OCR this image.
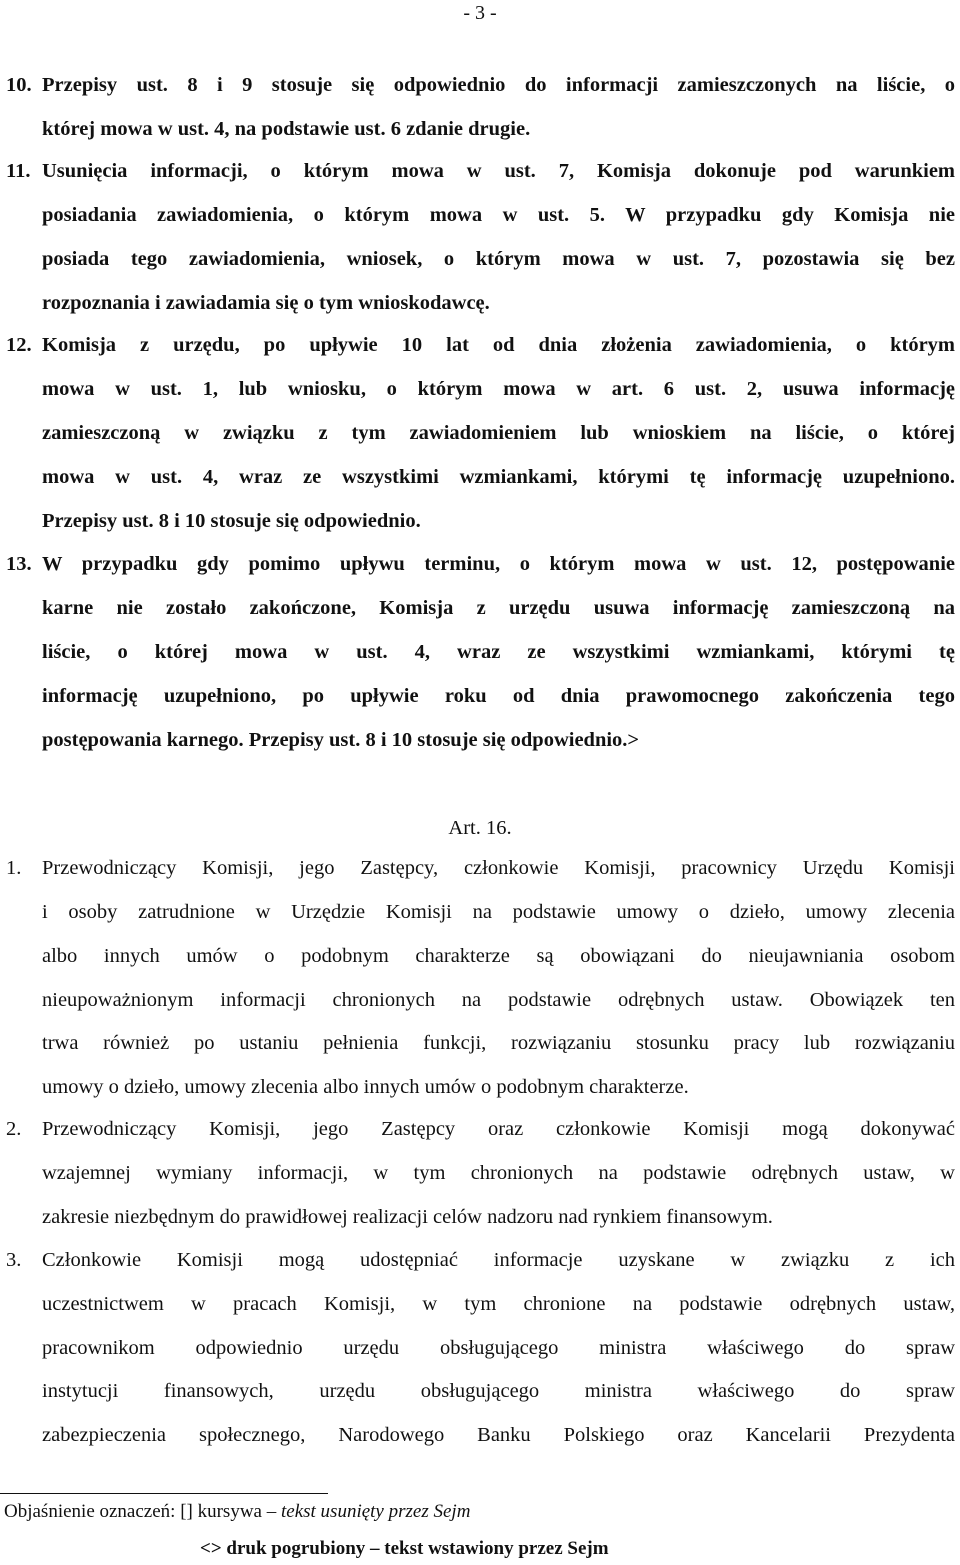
- 3 -
10. Przepisy ust. 8 i 9 stosuje się odpowiednio do informacji zamieszczonych na liście, o
której mowa w ust. 4, na podstawie ust. 6 zdanie drugie.
11. Usunięcia informacji, o którym mowa w ust. 7, Komisja dokonuje pod warunkiem
posiadania zawiadomienia, o którym mowa w ust. 5. W przypadku gdy Komisja nie
posiada tego zawiadomienia, wniosek, o którym mowa w ust. 7, pozostawia się bez
rozpoznania i zawiadamia się o tym wnioskodawcę.
12. Komisja z urzędu, po upływie 10 lat od dnia złożenia zawiadomienia, o którym
mowa w ust. 1, lub wniosku, o którym mowa w art. 6 ust. 2, usuwa informację
zamieszczoną w związku z tym zawiadomieniem lub wnioskiem na liście, o której
mowa w ust. 4, wraz ze wszystkimi wzmiankami, którymi tę informację uzupełniono.
Przepisy ust. 8 i 10 stosuje się odpowiednio.
13. W przypadku gdy pomimo upływu terminu, o którym mowa w ust. 12, postępowanie
karne nie zostało zakończone, Komisja z urzędu usuwa informację zamieszczoną na
liście, o której mowa w ust. 4, wraz ze wszystkimi wzmiankami, którymi tę
informację uzupełniono, po upływie roku od dnia prawomocnego zakończenia tego
postępowania karnego. Przepisy ust. 8 i 10 stosuje się odpowiednio.>
Art. 16.
1. Przewodniczący Komisji, jego Zastępcy, członkowie Komisji, pracownicy Urzędu Komisji
i osoby zatrudnione w Urzędzie Komisji na podstawie umowy o dzieło, umowy zlecenia
albo innych umów o podobnym charakterze są obowiązani do nieujawniania osobom
nieupoważnionym informacji chronionych na podstawie odrębnych ustaw. Obowiązek ten
trwa również po ustaniu pełnienia funkcji, rozwiązaniu stosunku pracy lub rozwiązaniu
umowy o dzieło, umowy zlecenia albo innych umów o podobnym charakterze.
2. Przewodniczący Komisji, jego Zastępcy oraz członkowie Komisji mogą dokonywać
wzajemnej wymiany informacji, w tym chronionych na podstawie odrębnych ustaw, w
zakresie niezbędnym do prawidłowej realizacji celów nadzoru nad rynkiem finansowym.
3. Członkowie Komisji mogą udostępniać informacje uzyskane w związku z ich
uczestnictwem w pracach Komisji, w tym chronione na podstawie odrębnych ustaw,
pracownikom odpowiednio urzędu obsługującego ministra właściwego do spraw
instytucji finansowych, urzędu obsługującego ministra właściwego do spraw
zabezpieczenia społecznego, Narodowego Banku Polskiego oraz Kancelarii Prezydenta
Objaśnienie oznaczeń: [] kursywa – tekst usunięty przez Sejm
<> druk pogrubiony – tekst wstawiony przez Sejm
